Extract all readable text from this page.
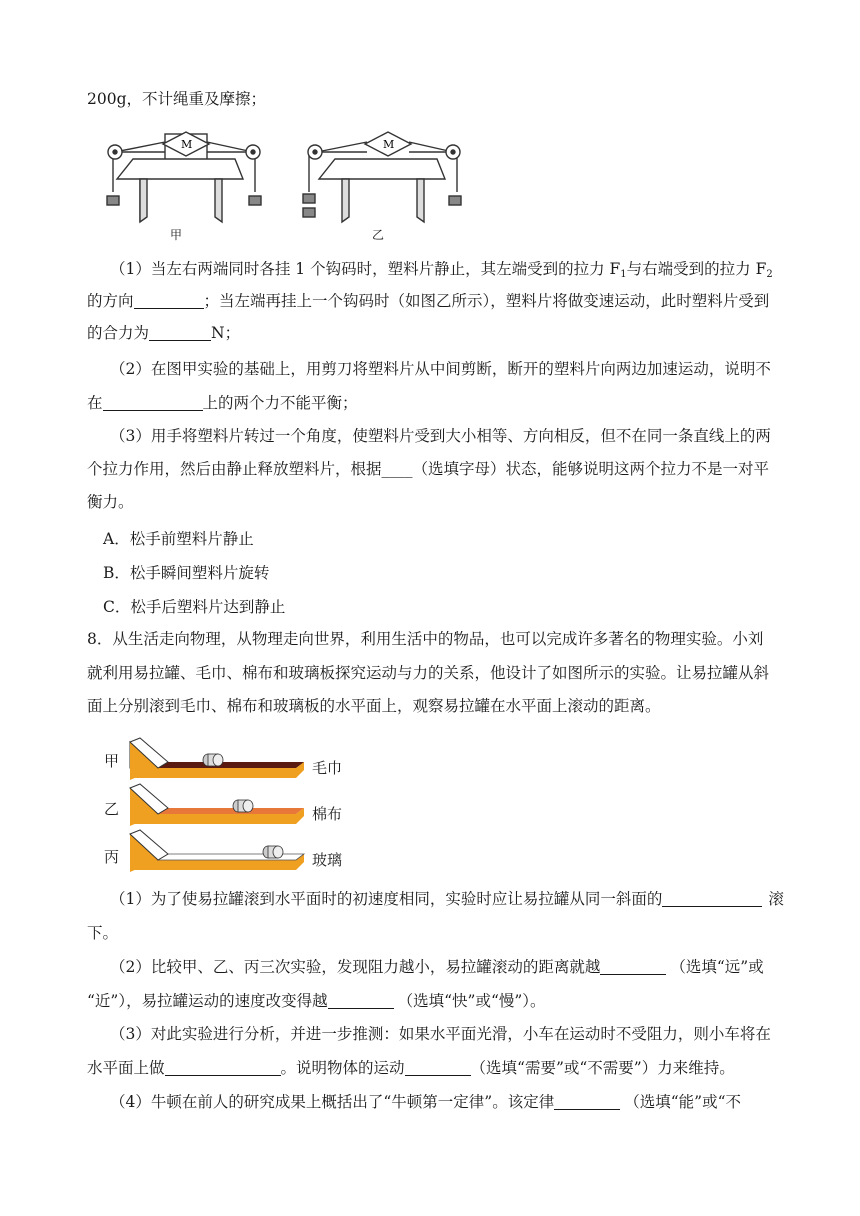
200g，不计绳重及摩擦；
M	M
甲	乙
（1）当左右两端同时各挂 1 个钩码时，塑料片静止，其左端受到的拉力 $F_1$与右端受到的拉力 $F_2$
的方向	；当左端再挂上一个钩码时（如图乙所示），塑料片将做变速运动，此时塑料片受到
的合力为	N；
（2）在图甲实验的基础上，用剪刀将塑料片从中间剪断，断开的塑料片向两边加速运动，说明不
在	上的两个力不能平衡；
（3）用手将塑料片转过一个角度，使塑料片受到大小相等、方向相反，但不在同一条直线上的两
个拉力作用，然后由静止释放塑料片，根据____（选填字母）状态，能够说明这两个拉力不是一对平
衡力。
A．松手前塑料片静止
B．松手瞬间塑料片旋转
C．松手后塑料片达到静止
8．从生活走向物理，从物理走向世界，利用生活中的物品，也可以完成许多著名的物理实验。小刘
就利用易拉罐、毛巾、棉布和玻璃板探究运动与力的关系，他设计了如图所示的实验。让易拉罐从斜
面上分别滚到毛巾、棉布和玻璃板的水平面上，观察易拉罐在水平面上滚动的距离。
甲
乙
丙
毛巾
棉布
玻璃
（1）为了使易拉罐滚到水平面时的初速度相同，实验时应让易拉罐从同一斜面的	滚
下。
（2）比较甲、乙、丙三次实验，发现阻力越小，易拉罐滚动的距离就越	（选填“远”或
“近”），易拉罐运动的速度改变得越	（选填“快”或“慢”）。
（3）对此实验进行分析，并进一步推测：如果水平面光滑，小车在运动时不受阻力，则小车将在
水平面上做	。说明物体的运动	（选填“需要”或“不需要”）力来维持。
（4）牛顿在前人的研究成果上概括出了“牛顿第一定律”。该定律	（选填“能”或“不
